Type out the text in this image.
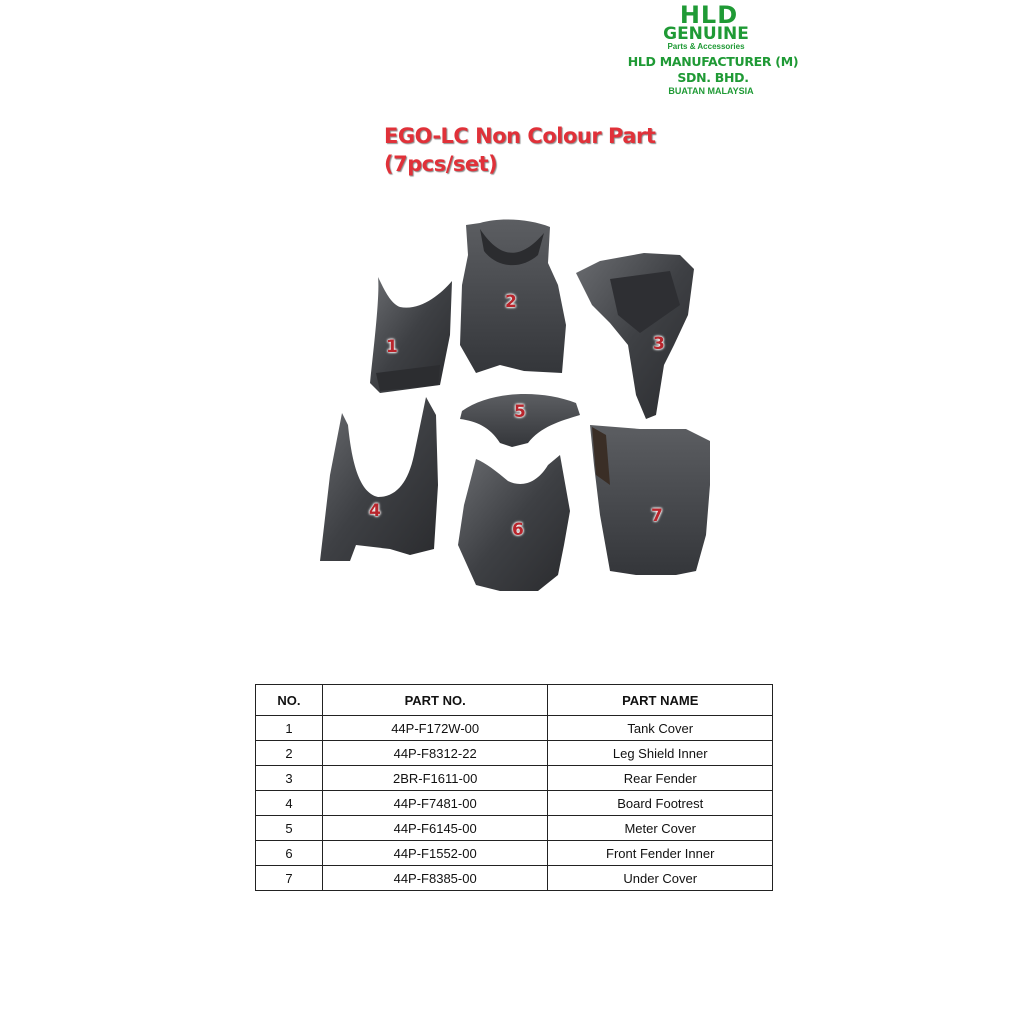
HLD
GENUINE
Parts & Accessories
HLD MANUFACTURER (M) SDN. BHD.
BUATAN MALAYSIA
EGO-LC Non Colour Part
(7pcs/set)
1
2
3
4
5
6
7
NO.	PART NO.	PART NAME
1	44P-F172W-00	Tank Cover
2	44P-F8312-22	Leg Shield Inner
3	2BR-F1611-00	Rear Fender
4	44P-F7481-00	Board Footrest
5	44P-F6145-00	Meter Cover
6	44P-F1552-00	Front Fender Inner
7	44P-F8385-00	Under Cover
